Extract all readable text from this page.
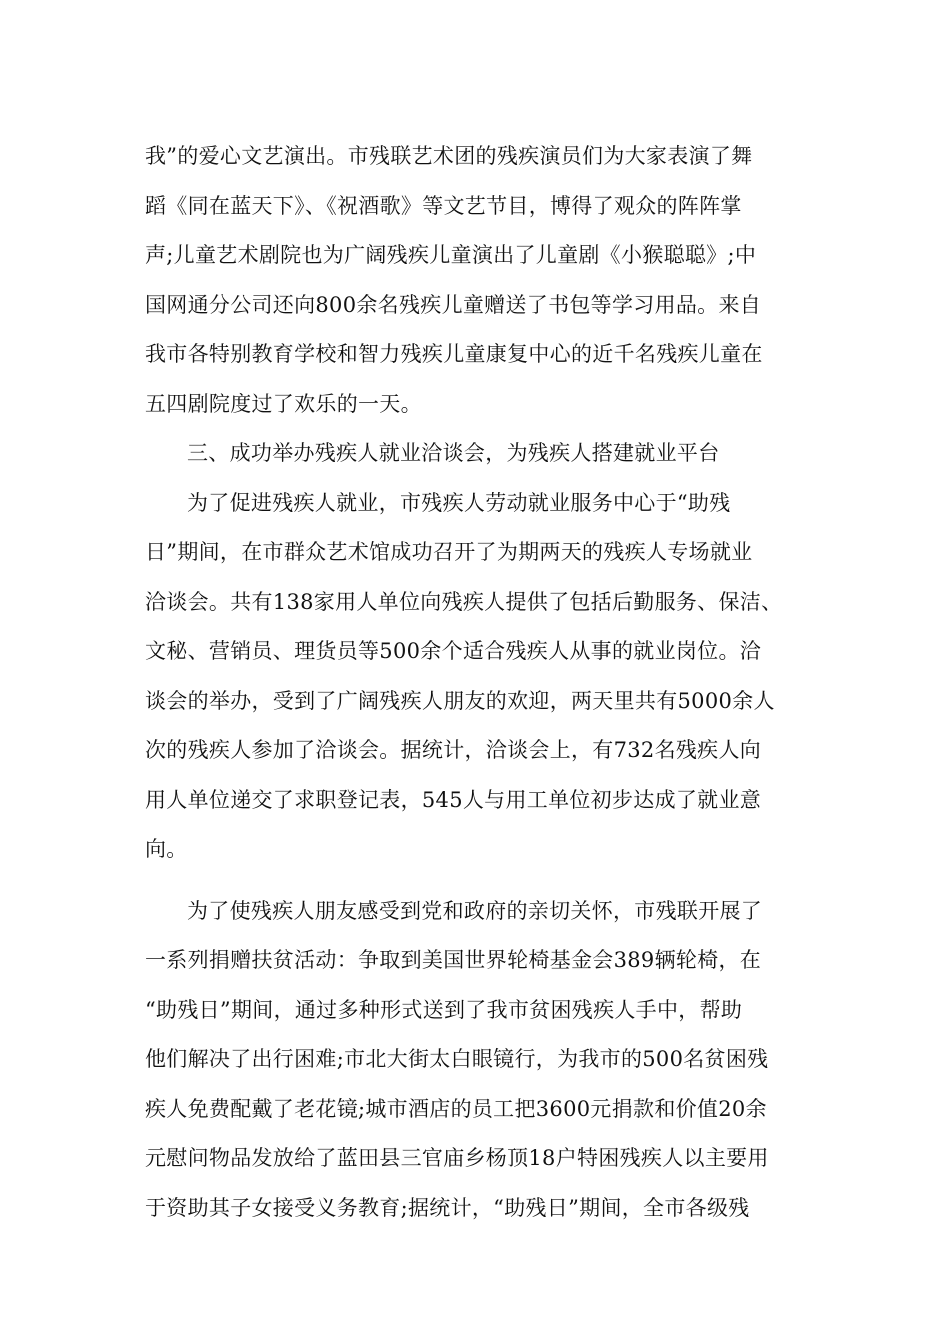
我”的爱心文艺演出。市残联艺术团的残疾演员们为大家表演了舞
蹈《同在蓝天下》、《祝酒歌》等文艺节目，博得了观众的阵阵掌
声;儿童艺术剧院也为广阔残疾儿童演出了儿童剧《小猴聪聪》;中
国网通分公司还向800余名残疾儿童赠送了书包等学习用品。来自
我市各特别教育学校和智力残疾儿童康复中心的近千名残疾儿童在
五四剧院度过了欢乐的一天。
三、成功举办残疾人就业洽谈会，为残疾人搭建就业平台
为了促进残疾人就业，市残疾人劳动就业服务中心于“助残
日”期间，在市群众艺术馆成功召开了为期两天的残疾人专场就业
洽谈会。共有138家用人单位向残疾人提供了包括后勤服务、保洁、
文秘、营销员、理货员等500余个适合残疾人从事的就业岗位。洽
谈会的举办，受到了广阔残疾人朋友的欢迎，两天里共有5000余人
次的残疾人参加了洽谈会。据统计，洽谈会上，有732名残疾人向
用人单位递交了求职登记表，545人与用工单位初步达成了就业意
向。
为了使残疾人朋友感受到党和政府的亲切关怀，市残联开展了
一系列捐赠扶贫活动：争取到美国世界轮椅基金会389辆轮椅，在
“助残日”期间，通过多种形式送到了我市贫困残疾人手中，帮助
他们解决了出行困难;市北大街太白眼镜行，为我市的500名贫困残
疾人免费配戴了老花镜;城市酒店的员工把3600元捐款和价值20余
元慰问物品发放给了蓝田县三官庙乡杨顶18户特困残疾人以主要用
于资助其子女接受义务教育;据统计，“助残日”期间，全市各级残
